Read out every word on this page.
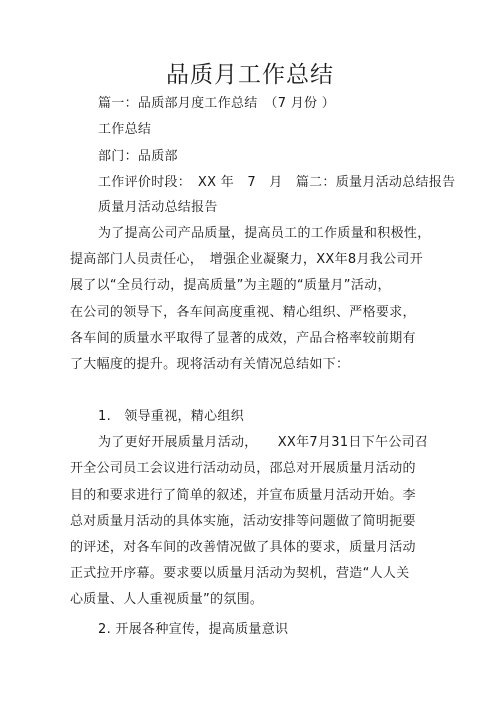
品质月工作总结
篇一：品质部月度工作总结　（7 月份 ）
工作总结
部门：品质部
工作评价时段：　XX 年　7　月　篇二：质量月活动总结报告
质量月活动总结报告
为了提高公司产品质量，提高员工的工作质量和积极性，
提高部门人员责任心，　增强企业凝聚力，XX年8月我公司开
展了以“全员行动，提高质量”为主题的“质量月”活动，
在公司的领导下，各车间高度重视、精心组织、严格要求，
各车间的质量水平取得了显著的成效，产品合格率较前期有
了大幅度的提升。现将活动有关情况总结如下：
1.　领导重视，精心组织
为了更好开展质量月活动，　　XX年7月31日下午公司召
开全公司员工会议进行活动动员，邵总对开展质量月活动的
目的和要求进行了简单的叙述，并宣布质量月活动开始。李
总对质量月活动的具体实施，活动安排等问题做了简明扼要
的评述，对各车间的改善情况做了具体的要求，质量月活动
正式拉开序幕。要求要以质量月活动为契机，营造“人人关
心质量、人人重视质量”的氛围。
2. 开展各种宣传，提高质量意识
